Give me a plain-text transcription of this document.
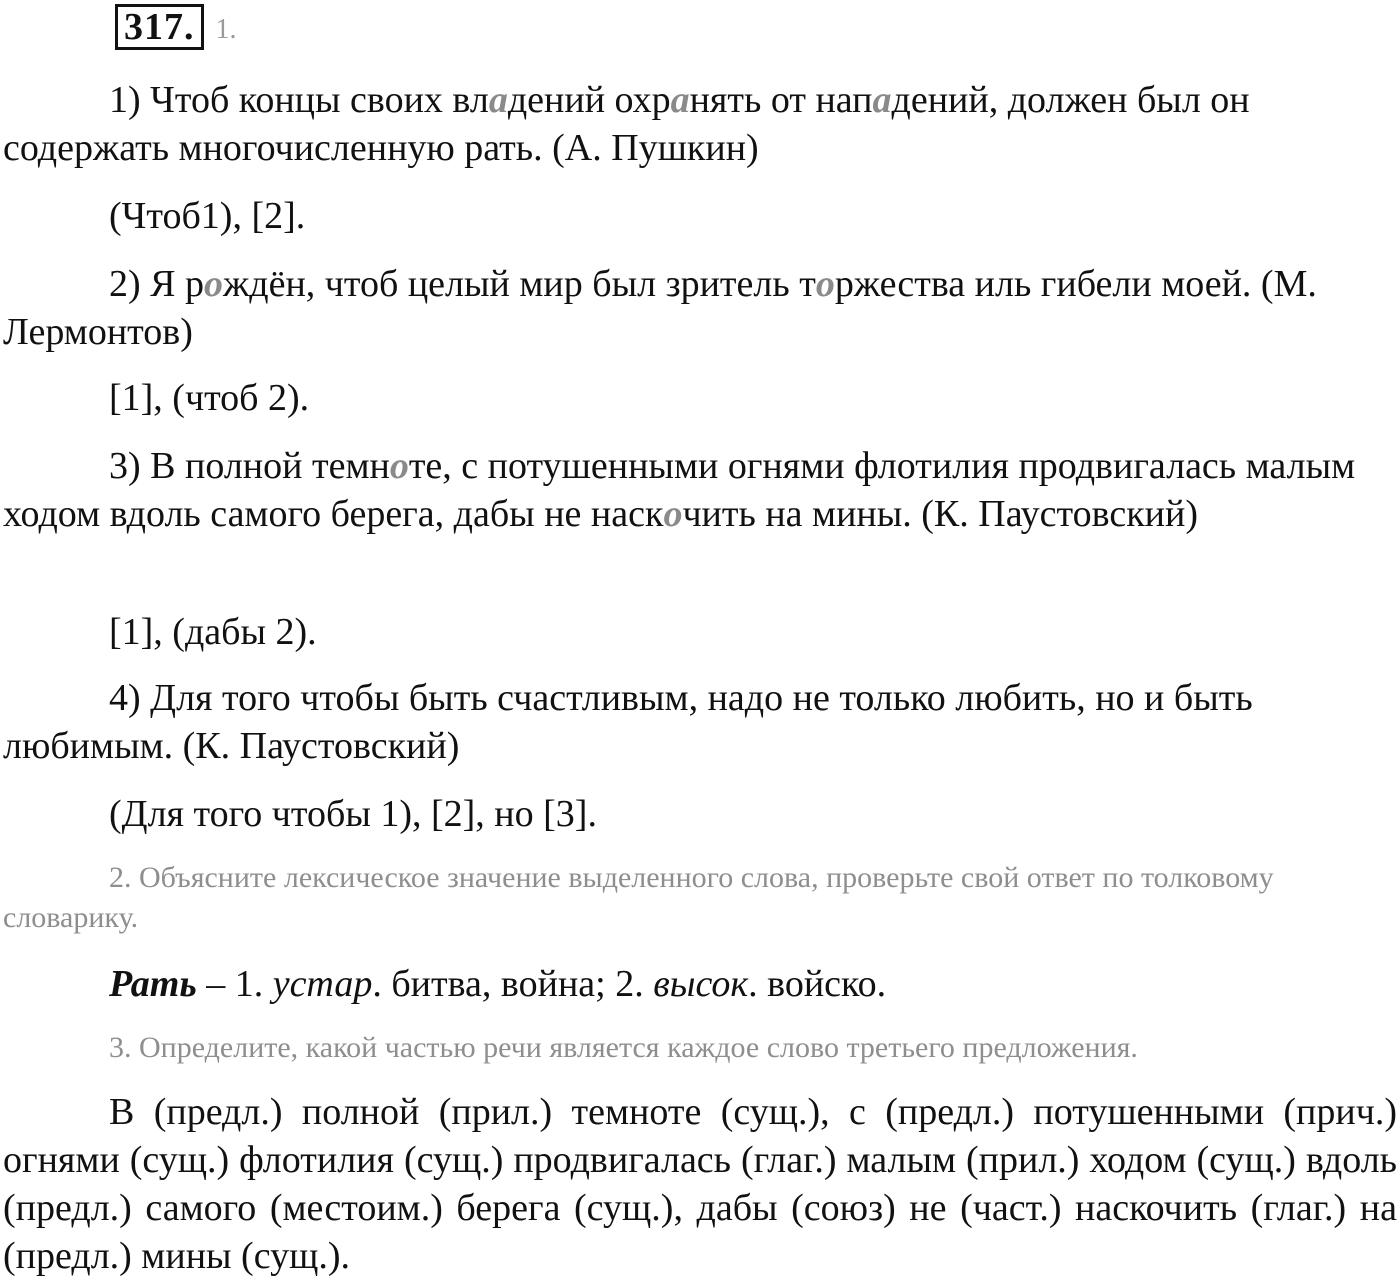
317. 1.

1) Чтоб концы своих владений охранять от нападений, должен был он содержать многочисленную рать. (А. Пушкин)

(Чтоб1), [2].

2) Я рождён, чтоб целый мир был зритель торжества иль гибели моей. (М. Лермонтов)

[1], (чтоб 2).

3) В полной темноте, с потушенными огнями флотилия продвигалась малым ходом вдоль самого берега, дабы не наскочить на мины. (К. Паустовский)

[1], (дабы 2).

4) Для того чтобы быть счастливым, надо не только любить, но и быть любимым. (К. Паустовский)

(Для того чтобы 1), [2], но [3].

2. Объясните лексическое значение выделенного слова, проверьте свой ответ по толковому словарику.

Рать – 1. устар. битва, война; 2. высок. войско.

3. Определите, какой частью речи является каждое слово третьего предложения.

В (предл.) полной (прил.) темноте (сущ.), с (предл.) потушенными (прич.) огнями (сущ.) флотилия (сущ.) продвигалась (глаг.) малым (прил.) ходом (сущ.) вдоль (предл.) самого (местоим.) берега (сущ.), дабы (союз) не (част.) наскочить (глаг.) на (предл.) мины (сущ.).
